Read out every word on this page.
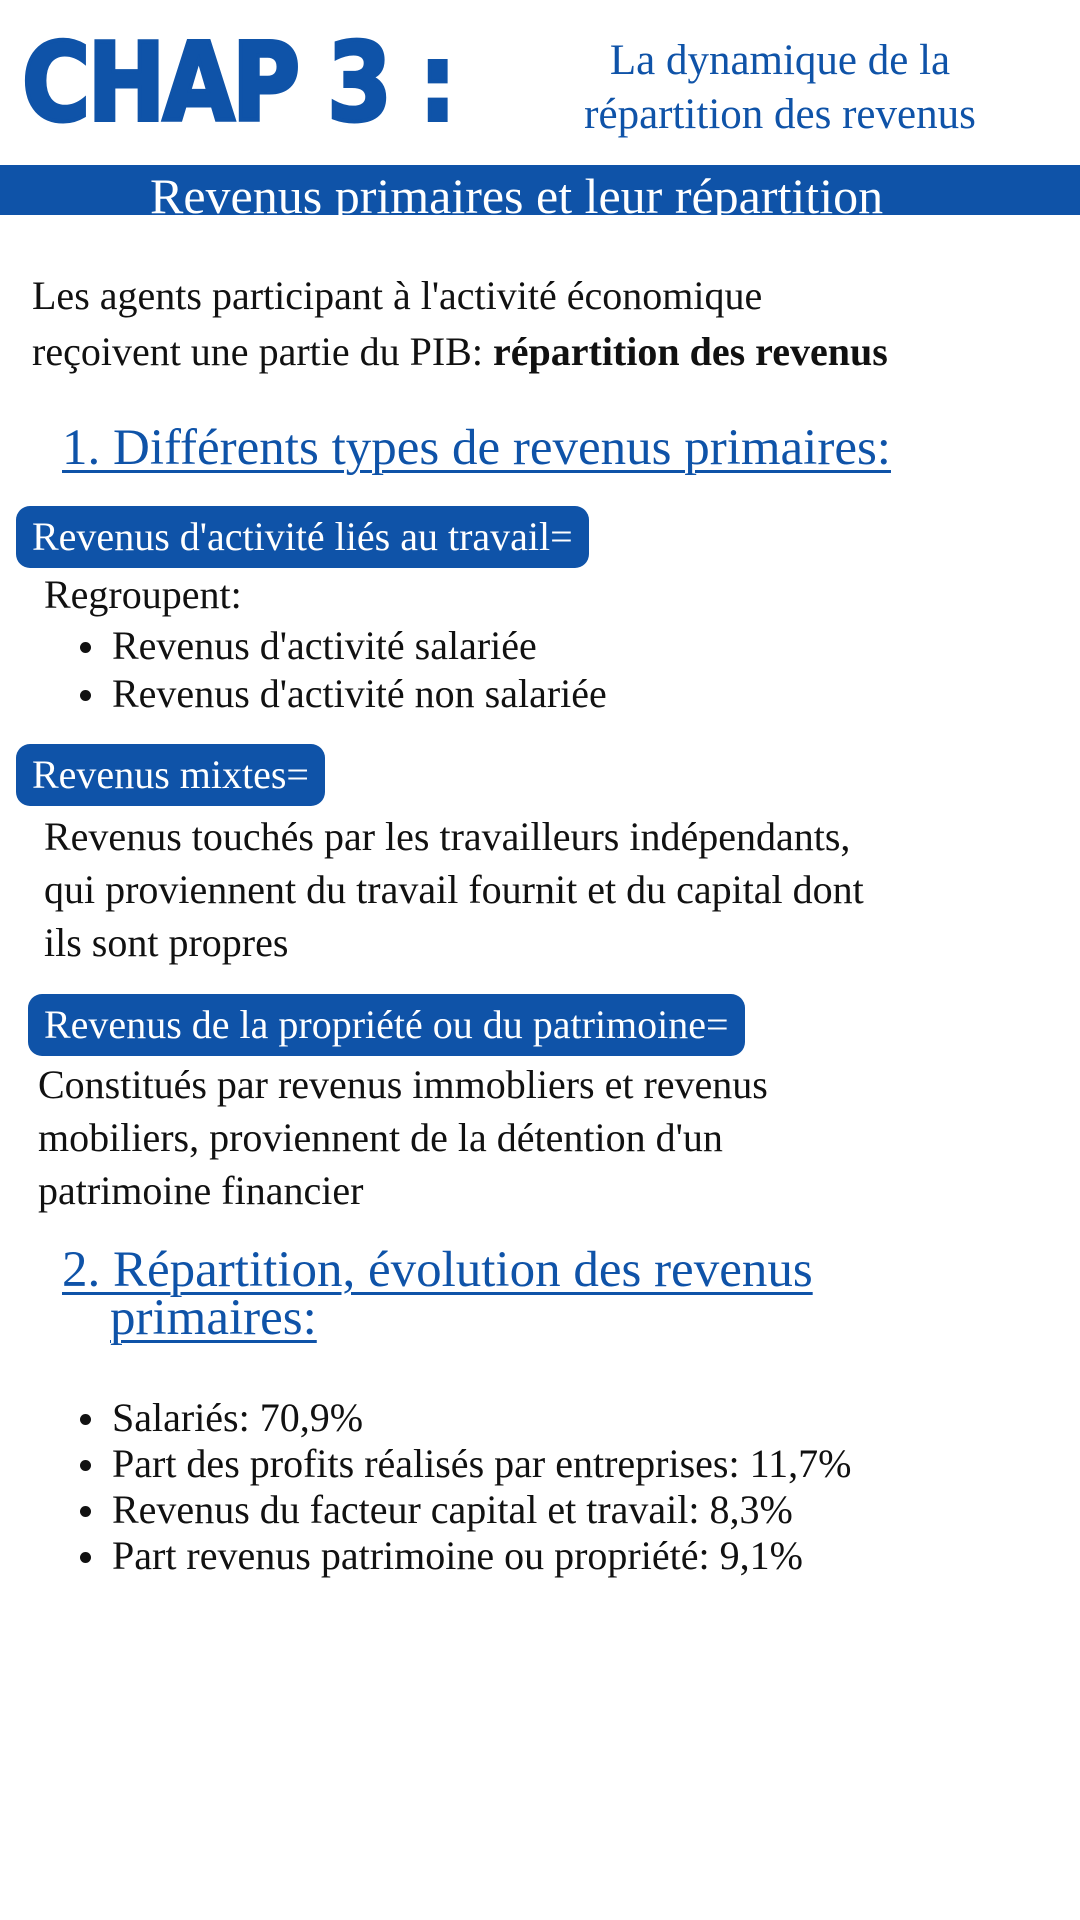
CHAP 3 :	La dynamique de la
répartition des revenus
Revenus primaires et leur répartition

Les agents participant à l'activité économique
reçoivent une partie du PIB: répartition des revenus

1. Différents types de revenus primaires:
Revenus d'activité liés au travail=

Regroupent:

Revenus d'activité salariée
Revenus d'activité non salariée
Revenus mixtes=

Revenus touchés par les travailleurs indépendants,
qui proviennent du travail fournit et du capital dont
ils sont propres

Revenus de la propriété ou du patrimoine=

Constitués par revenus immobliers et revenus
mobiliers, proviennent de la détention d'un
patrimoine financier

2. Répartition, évolution des revenus
primaires:
Salariés: 70,9%
Part des profits réalisés par entreprises: 11,7%
Revenus du facteur capital et travail: 8,3%
Part revenus patrimoine ou propriété: 9,1%
